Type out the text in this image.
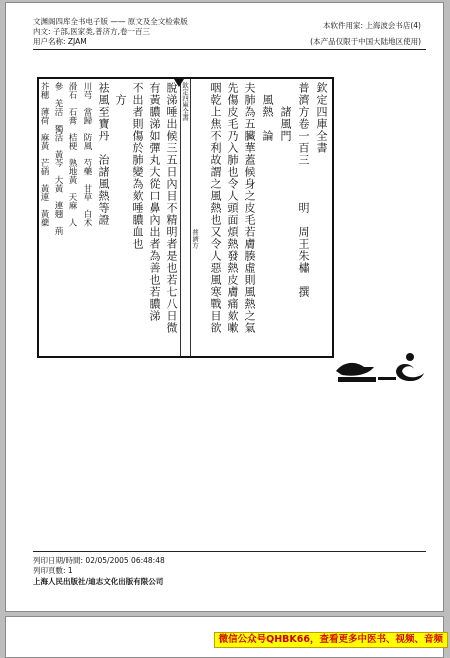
文渊阁四库全书电子版 —— 原文及全文检索版
内文: 子部,医家类,普济方,卷一百三
用户名称: ZJAM
本软件用家: 上海波会书店(4)
(本产品仅限于中国大陆地区使用)
欽定四庫全書
普濟方
欽定四庫全書
普濟方卷一百三　　　明　周王朱橚　撰
　　諸風門
　風熱　論
夫肺為五臟華蓋候身之皮毛若膚腠虛則風熱之氣
先傷皮毛乃入肺也令人頭面煩熱發熱皮膚痛欬嗽
咽乾上焦不利故謂之風熱也又令人惡風寒戰目欲
脫涕唾出候三五日內目不精明者是也若七八日微
有黃膿涕如彈丸大從口鼻內出者為善也若膿涕
不出者則傷於肺變為欬唾膿血也
　方
祛風至寶丹　治諸風熱等證
川芎　當歸　防風　芍藥　甘草　白术
滑石　石膏　桔梗　熟地黃　天麻　人
參　羌活　獨活　黃芩　大黃　連翹　荊
芥穗　薄荷　麻黃　芒硝　黃連　黃蘗
列印日期/時間: 02/05/2005 06:48:48
列印頁數: 1
上海人民出版社/迪志文化出版有限公司
微信公众号QHBK66，查看更多中医书、视频、音频
